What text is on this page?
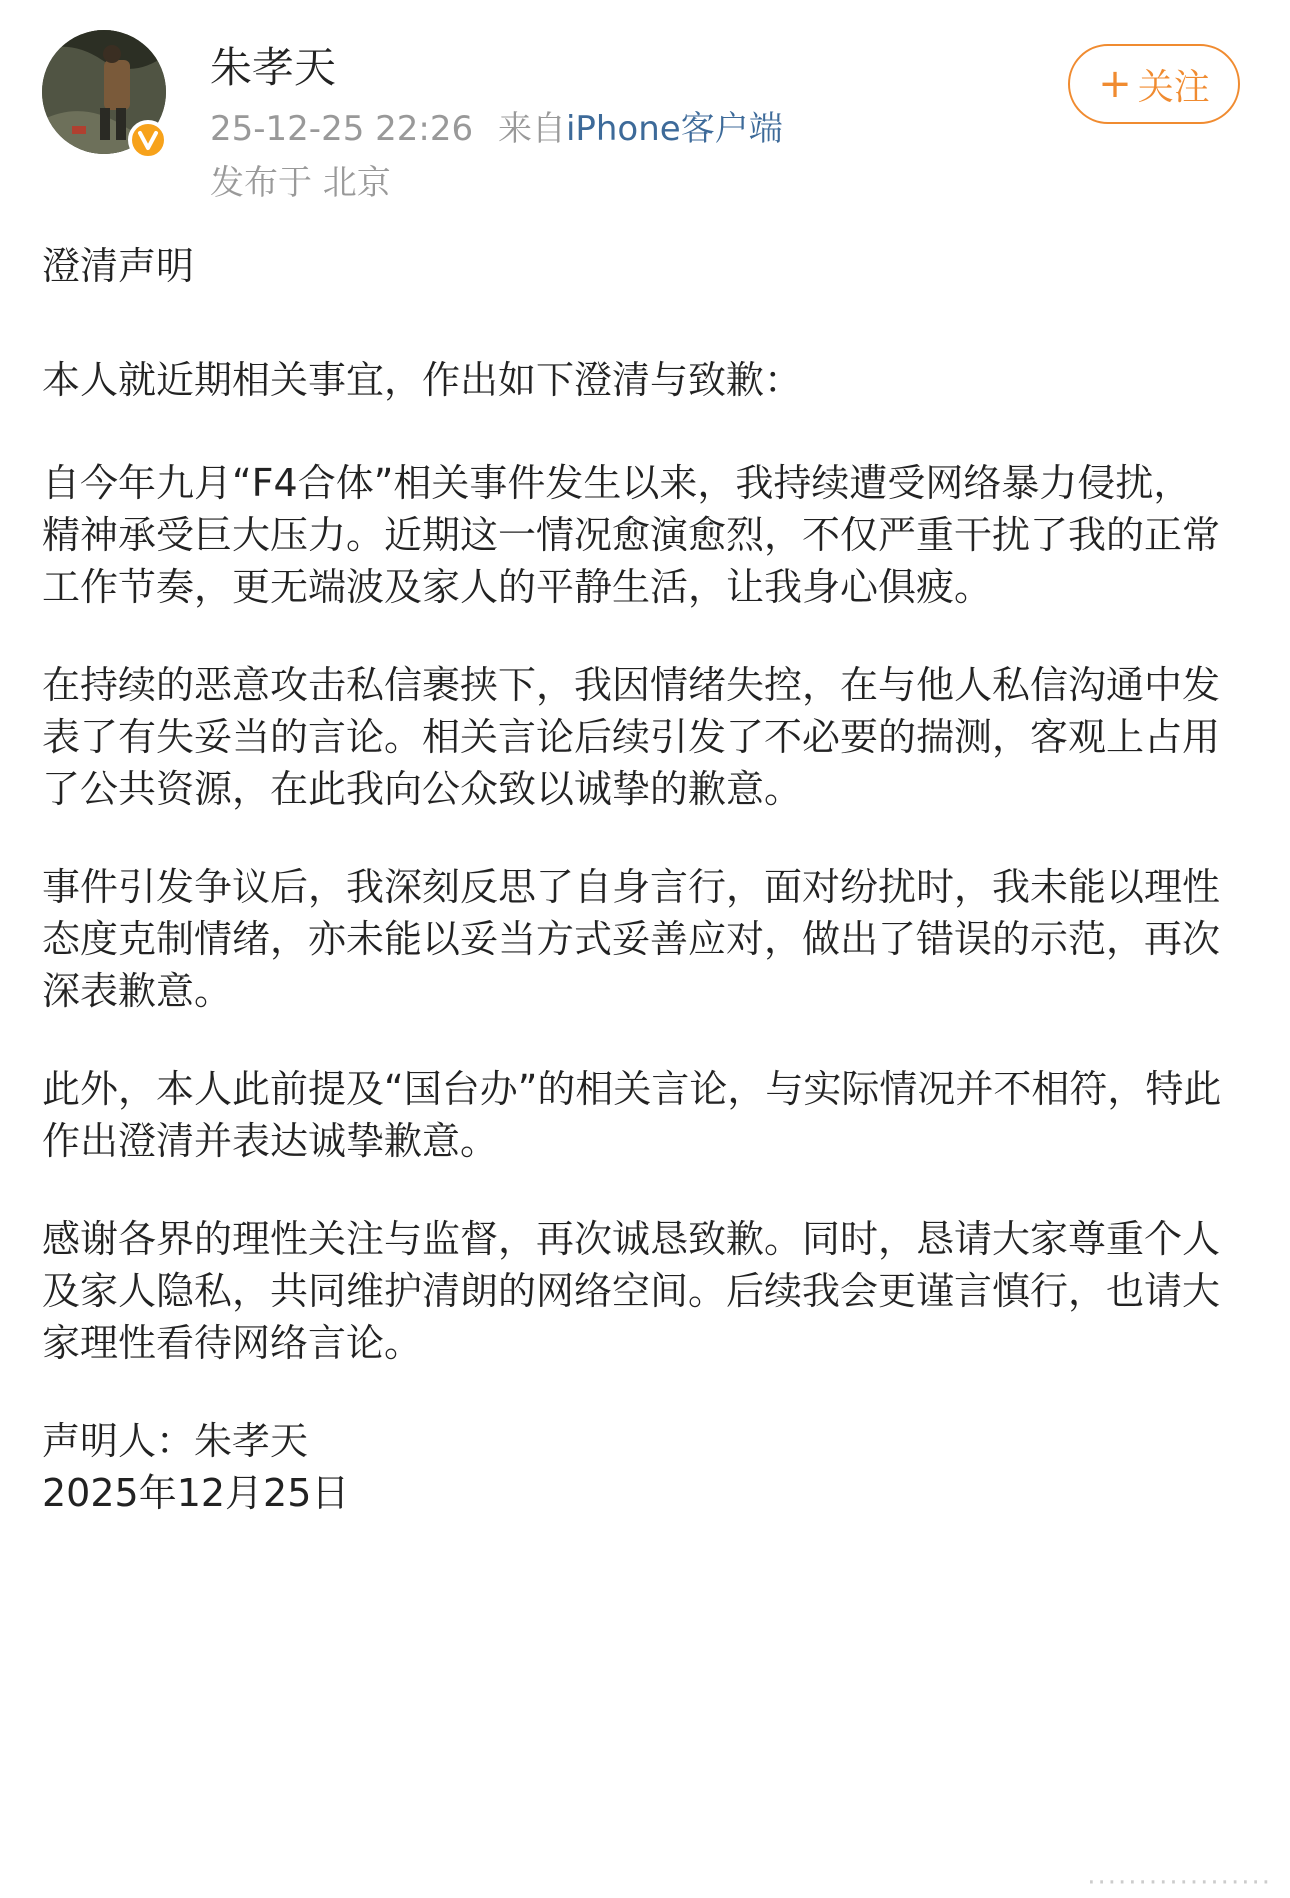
朱孝天
25-12-25 22:26 来自iPhone客户端
发布于 北京
+ 关注

澄清声明

本人就近期相关事宜，作出如下澄清与致歉：

自今年九月“F4合体”相关事件发生以来，我持续遭受网络暴力侵扰，精神承受巨大压力。近期这一情况愈演愈烈，不仅严重干扰了我的正常工作节奏，更无端波及家人的平静生活，让我身心俱疲。

在持续的恶意攻击私信裹挟下，我因情绪失控，在与他人私信沟通中发表了有失妥当的言论。相关言论后续引发了不必要的揣测，客观上占用了公共资源，在此我向公众致以诚挚的歉意。

事件引发争议后，我深刻反思了自身言行，面对纷扰时，我未能以理性态度克制情绪，亦未能以妥当方式妥善应对，做出了错误的示范，再次深表歉意。

此外，本人此前提及“国台办”的相关言论，与实际情况并不相符，特此作出澄清并表达诚挚歉意。

感谢各界的理性关注与监督，再次诚恳致歉。同时，恳请大家尊重个人及家人隐私，共同维护清朗的网络空间。后续我会更谨言慎行，也请大家理性看待网络言论。

声明人：朱孝天

2025年12月25日

··················
